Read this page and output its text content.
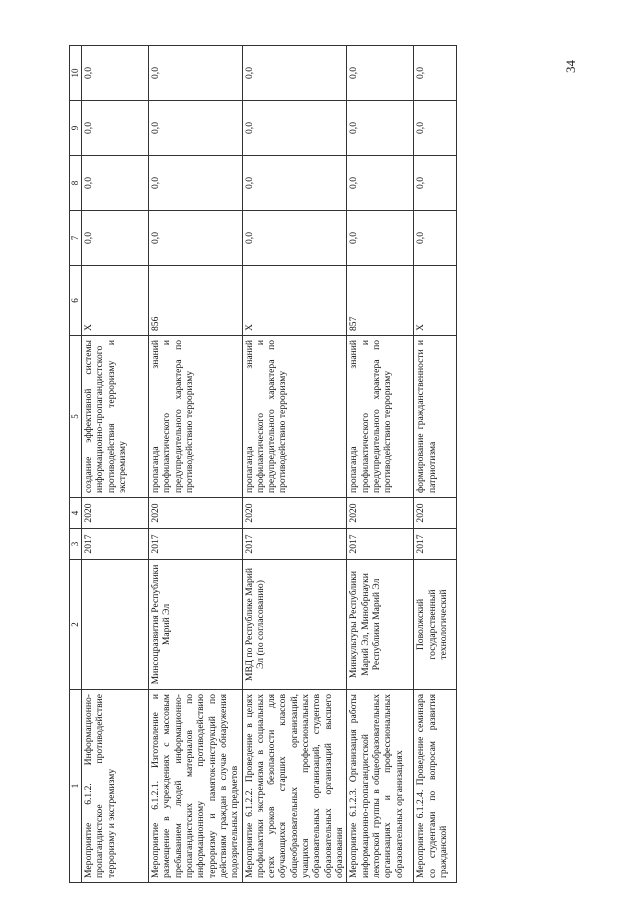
34
1	2	3	4	5	6	7	8	9	10
Мероприятие 6.1.2. Информационно-пропагандистское противодействие терроризму и экстремизму		2017	2020	создание эффективной системы информационно-пропагандистского противодействия терроризму и экстремизму	X	0,0	0,0	0,0	0,0
Мероприятие 6.1.2.1. Изготовление и размещение в учреждениях с массовым пребыванием людей информационно-пропагандистских материалов по информационному противодействию терроризму и памяток-инструкций по действиям граждан в случае обнаружения подозрительных предметов	Минсоцразвития Республики Марий Эл	2017	2020	пропаганда знаний профилактического и предупредительного характера по противодействию терроризму	856	0,0	0,0	0,0	0,0
Мероприятие 6.1.2.2. Проведение в целях профилактики экстремизма в социальных сетях уроков безопасности для обучающихся старших классов общеобразовательных организаций, учащихся профессиональных образовательных организаций, студентов образовательных организаций высшего образования	МВД по Республике Марий Эл (по согласованию)	2017	2020	пропаганда знаний профилактического и предупредительного характера по противодействию терроризму	X	0,0	0,0	0,0	0,0
Мероприятие 6.1.2.3. Организация работы информационно-пропагандистской лекторской группы в общеобразовательных организациях и профессиональных образовательных организациях	Минкультуры Республики Марий Эл, Минобрнауки Республики Марий Эл	2017	2020	пропаганда знаний профилактического и предупредительного характера по противодействию терроризму	857	0,0	0,0	0,0	0,0
Мероприятие 6.1.2.4. Проведение семинара со студентами по вопросам развития гражданской	Поволжский государственный технологический	2017	2020	формирование гражданственности и патриотизма	X	0,0	0,0	0,0	0,0
